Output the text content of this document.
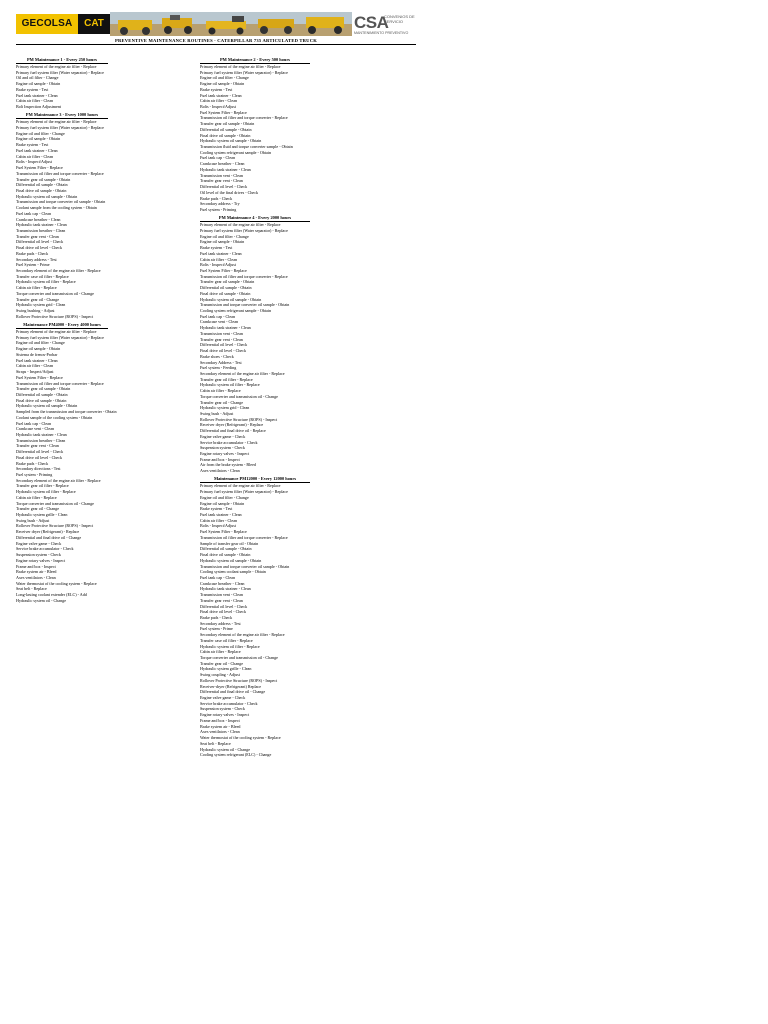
GECOLSA	CAT	CSA
CONVENIOS DE SERVICIO
MANTENIMIENTO PREVENTIVO
PREVENTIVE MAINTENANCE ROUTINES - CATERPILLAR 735 ARTICULATED TRUCK
PM Maintenance 1 - Every 250 hours
Primary element of the engine air filter - Replace
Primary fuel system filter (Water separator) - Replace
Oil and oil filter - Change
Engine oil sample - Obtain
Brake system - Test
Fuel tank strainer - Clean
Cabin air filter - Clean
Bolt Inspection Adjustment
PM Maintenance 3 - Every 1000 hours
Primary element of the engine air filter - Replace
Primary fuel system filter (Water separator) - Replace
Engine oil and filter - Change
Engine oil sample - Obtain
Brake system - Test
Fuel tank strainer - Clean
Cabin air filter - Clean
Bolts - Inspect/Adjust
Fuel System Filter - Replace
Transmission oil filter and torque converter - Replace
Transfer gear oil sample - Obtain
Differential oil sample - Obtain
Final drive oil sample - Obtain
Hydraulic system oil sample - Obtain
Transmission and torque converter oil sample - Obtain
Coolant sample from the cooling system - Obtain
Fuel tank cap - Clean
Crankcase breather - Clean
Hydraulic tank strainer - Clean
Transmission breather - Clean
Transfer gear vent - Clean
Differential oil level - Check
Final drive oil level - Check
Brake pads - Check
Secondary address - Test
Fuel System - Prime
Secondary element of the engine air filter - Replace
Transfer case oil filter - Replace
Hydraulic system oil filter - Replace
Cabin air filter - Replace
Torque converter and transmission oil - Change
Transfer gear oil - Change
Hydraulic system grid - Clean
Swing bushing - Adjust
Rollover Protective Structure (ROPS) - Inspect
Maintenance PM4000 - Every 4000 hours
Primary element of the engine air filter - Replace
Primary fuel system filter (Water separator) - Replace
Engine oil and filter - Change
Engine oil sample - Obtain
Sistema de frenos-Probar
Fuel tank strainer - Clean
Cabin air filter - Clean
Straps - Inspect/Adjust
Fuel System Filter - Replace
Transmission oil filter and torque converter - Replace
Transfer gear oil sample - Obtain
Differential oil sample - Obtain
Final drive oil sample - Obtain
Hydraulic system oil sample - Obtain
Sampled from the transmission and torque converter - Obtain
Coolant sample of the cooling system - Obtain
Fuel tank cap - Clean
Crankcase vent - Clean
Hydraulic tank strainer - Clean
Transmission breather - Clean
Transfer gear vent - Clean
Differential oil level - Check
Final drive oil level - Check
Brake pads - Check
Secondary directions - Test
Fuel system - Priming
Secondary element of the engine air filter - Replace
Transfer gear oil filter - Replace
Hydraulic system oil filter - Replace
Cabin air filter - Replace
Torque converter and transmission oil - Change
Transfer gear oil - Change
Hydraulic system grille - Clean
Swing bush - Adjust
Rollover Protective Structure (ROPS) - Inspect
Receiver dryer (Refrigerant) - Replace
Differential and final drive oil - Change
Engine valve game - Check
Service brake accumulator - Check
Suspension system - Check
Engine rotary valves - Inspect
Frame and box - Inspect
Brake system air - Bleed
Axes ventilators - Clean
Water thermostat of the cooling system - Replace
Seat belt - Replace
Long-lasting coolant extender (ELC) - Add
Hydraulic system oil - Change
PM Maintenance 2 - Every 500 hours
Primary element of the engine air filter - Replace
Primary fuel system filter (Water separator) - Replace
Engine oil and filter - Change
Engine oil sample - Obtain
Brake system - Test
Fuel tank strainer - Clean
Cabin air filter - Clean
Bolts - Inspect/Adjust
Fuel System Filter - Replace
Transmission oil filter and torque converter - Replace
Transfer gear oil sample - Obtain
Differential oil sample - Obtain
Final drive oil sample - Obtain
Hydraulic system oil sample - Obtain
Transmission fluid and torque converter sample - Obtain
Cooling system refrigerant sample - Obtain
Fuel tank cap - Clean
Crankcase breather - Clean
Hydraulic tank strainer - Clean
Transmission vent - Clean
Transfer gear vent - Clean
Differential oil level - Check
Oil level of the final drives - Check
Brake pads - Check
Secondary address - Try
Fuel system - Priming
PM Maintenance 4 - Every 2000 hours
Primary element of the engine air filter - Replace
Primary fuel system filter (Water separator) - Replace
Engine oil and filter - Change
Engine oil sample - Obtain
Brake system - Test
Fuel tank strainer - Clean
Cabin air filter - Clean
Bolts - Inspect/Adjust
Fuel System Filter - Replace
Transmission oil filter and torque converter - Replace
Transfer gear oil sample - Obtain
Differential oil sample - Obtain
Final drive oil sample - Obtain
Hydraulic system oil sample - Obtain
Transmission and torque converter oil sample - Obtain
Cooling system refrigerant sample - Obtain
Fuel tank cap - Clean
Crankcase vent - Clean
Hydraulic tank strainer - Clean
Transmission vent - Clean
Transfer gear vent - Clean
Differential oil level - Check
Final drive oil level - Check
Brake shoes - Check
Secondary Address - Test
Fuel system - Feeding
Secondary element of the engine air filter - Replace
Transfer gear oil filter - Replace
Hydraulic system oil filter - Replace
Cabin air filter - Replace
Torque converter and transmission oil - Change
Transfer gear oil - Change
Hydraulic system grid - Clean
Swing bush - Adjust
Rollover Protective Structure (ROPS) - Inspect
Receiver dryer (Refrigerant) - Replace
Differential and final drive oil - Replace
Engine valve game - Check
Service brake accumulator - Check
Suspension system - Check
Engine rotary valves - Inspect
Frame and box - Inspect
Air from the brake system - Bleed
Axes ventilators - Clean
Maintenance PM12000 - Every 12000 hours
Primary element of the engine air filter - Replace
Primary fuel system filter (Water separator) - Replace
Engine oil and filter - Change
Engine oil sample - Obtain
Brake system - Test
Fuel tank strainer - Clean
Cabin air filter - Clean
Bolts - Inspect/Adjust
Fuel System Filter - Replace
Transmission oil filter and torque converter - Replace
Sample of transfer gear oil - Obtain
Differential oil sample - Obtain
Final drive oil sample - Obtain
Hydraulic system oil sample - Obtain
Transmission and torque converter oil sample - Obtain
Cooling system coolant sample - Obtain
Fuel tank cap - Clean
Crankcase breather - Clean
Hydraulic tank strainer - Clean
Transmission vent - Clean
Transfer gear vent - Clean
Differential oil level - Check
Final drive oil level - Check
Brake pads - Check
Secondary address - Test
Fuel system - Prime
Secondary element of the engine air filter - Replace
Transfer case oil filter - Replace
Hydraulic system oil filter - Replace
Cabin air filter - Replace
Torque converter and transmission oil - Change
Transfer gear oil - Change
Hydraulic system grille - Clean
Swing coupling - Adjust
Rollover Protective Structure (ROPS) - Inspect
Receiver-dryer (Refrigerant) Replace
Differential and final drive oil - Change
Engine valve game - Check
Service brake accumulator - Check
Suspension system - Check
Engine rotary valves - Inspect
Frame and box - Inspect
Brake system air - Bleed
Axes ventilators - Clean
Water thermostat of the cooling system - Replace
Seat belt - Replace
Hydraulic system oil - Change
Cooling system refrigerant (ELC) - Change
